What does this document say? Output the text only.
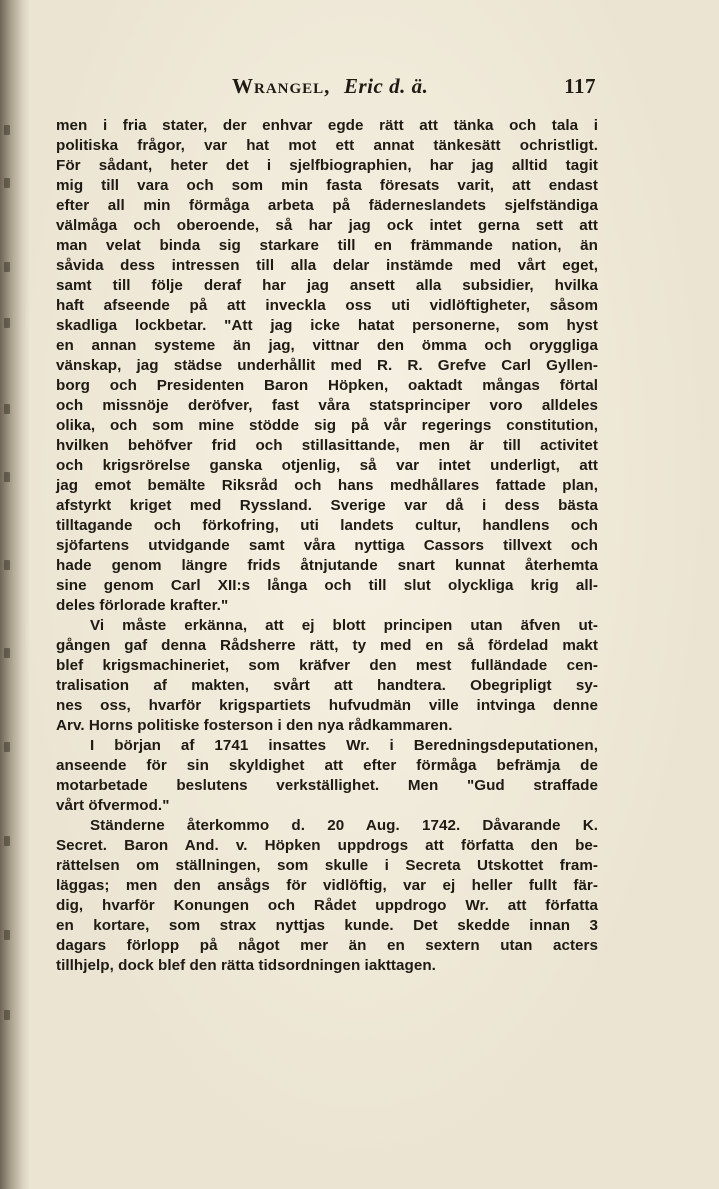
Wrangel, Eric d. ä.	117
men i fria stater, der enhvar egde rätt att tänka och tala i
politiska frågor, var hat mot ett annat tänkesätt ochristligt.
För sådant, heter det i sjelfbiographien, har jag alltid tagit
mig till vara och som min fasta föresats varit, att endast
efter all min förmåga arbeta på fäderneslandets sjelfständiga
välmåga och oberoende, så har jag ock intet gerna sett att
man velat binda sig starkare till en främmande nation, än
såvida dess intressen till alla delar instämde med vårt eget,
samt till följe deraf har jag ansett alla subsidier, hvilka
haft afseende på att inveckla oss uti vidlöftigheter, såsom
skadliga lockbetar. "Att jag icke hatat personerne, som hyst
en annan systeme än jag, vittnar den ömma och oryggliga
vänskap, jag städse underhållit med R. R. Grefve Carl Gyllen-
borg och Presidenten Baron Höpken, oaktadt mångas förtal
och missnöje deröfver, fast våra statsprinciper voro alldeles
olika, och som mine stödde sig på vår regerings constitution,
hvilken behöfver frid och stillasittande, men är till activitet
och krigsrörelse ganska otjenlig, så var intet underligt, att
jag emot bemälte Riksråd och hans medhållares fattade plan,
afstyrkt kriget med Ryssland. Sverige var då i dess bästa
tilltagande och förkofring, uti landets cultur, handlens och
sjöfartens utvidgande samt våra nyttiga Cassors tillvext och
hade genom längre frids åtnjutande snart kunnat återhemta
sine genom Carl XII:s långa och till slut olyckliga krig all-
deles förlorade krafter."
Vi måste erkänna, att ej blott principen utan äfven ut-
gången gaf denna Rådsherre rätt, ty med en så fördelad makt
blef krigsmachineriet, som kräfver den mest fulländade cen-
tralisation af makten, svårt att handtera. Obegripligt sy-
nes oss, hvarför krigspartiets hufvudmän ville intvinga denne
Arv. Horns politiske fosterson i den nya rådkammaren.
I början af 1741 insattes Wr. i Beredningsdeputationen,
anseende för sin skyldighet att efter förmåga befrämja de
motarbetade beslutens verkställighet. Men "Gud straffade
vårt öfvermod."
Ständerne återkommo d. 20 Aug. 1742. Dåvarande K.
Secret. Baron And. v. Höpken uppdrogs att författa den be-
rättelsen om ställningen, som skulle i Secreta Utskottet fram-
läggas; men den ansågs för vidlöftig, var ej heller fullt fär-
dig, hvarför Konungen och Rådet uppdrogo Wr. att författa
en kortare, som strax nyttjas kunde. Det skedde innan 3
dagars förlopp på något mer än en sextern utan acters
tillhjelp, dock blef den rätta tidsordningen iakttagen.
